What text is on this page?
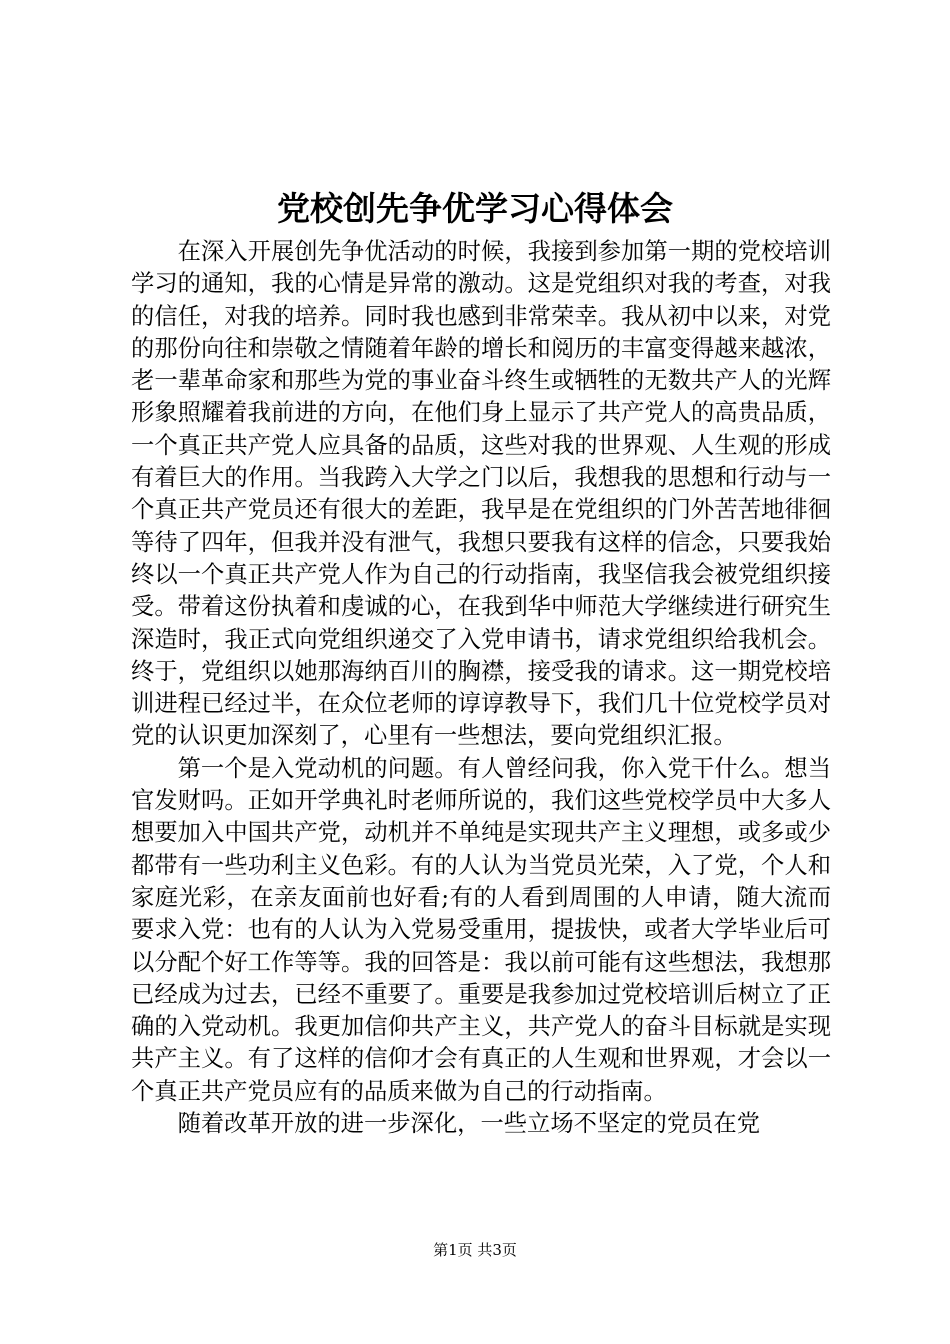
党校创先争优学习心得体会

在深入开展创先争优活动的时候，我接到参加第一期的党校培训学习的通知，我的心情是异常的激动。这是党组织对我的考查，对我的信任，对我的培养。同时我也感到非常荣幸。我从初中以来，对党的那份向往和崇敬之情随着年龄的增长和阅历的丰富变得越来越浓，老一辈革命家和那些为党的事业奋斗终生或牺牲的无数共产人的光辉形象照耀着我前进的方向，在他们身上显示了共产党人的高贵品质，一个真正共产党人应具备的品质，这些对我的世界观、人生观的形成有着巨大的作用。当我跨入大学之门以后，我想我的思想和行动与一个真正共产党员还有很大的差距，我早是在党组织的门外苦苦地徘徊等待了四年，但我并没有泄气，我想只要我有这样的信念，只要我始终以一个真正共产党人作为自己的行动指南，我坚信我会被党组织接受。带着这份执着和虔诚的心，在我到华中师范大学继续进行研究生深造时，我正式向党组织递交了入党申请书，请求党组织给我机会。终于，党组织以她那海纳百川的胸襟，接受我的请求。这一期党校培训进程已经过半，在众位老师的谆谆教导下，我们几十位党校学员对党的认识更加深刻了，心里有一些想法，要向党组织汇报。

第一个是入党动机的问题。有人曾经问我，你入党干什么。想当官发财吗。正如开学典礼时老师所说的，我们这些党校学员中大多人想要加入中国共产党，动机并不单纯是实现共产主义理想，或多或少都带有一些功利主义色彩。有的人认为当党员光荣，入了党，个人和家庭光彩，在亲友面前也好看;有的人看到周围的人申请，随大流而要求入党：也有的人认为入党易受重用，提拔快，或者大学毕业后可以分配个好工作等等。我的回答是：我以前可能有这些想法，我想那已经成为过去，已经不重要了。重要是我参加过党校培训后树立了正确的入党动机。我更加信仰共产主义，共产党人的奋斗目标就是实现共产主义。有了这样的信仰才会有真正的人生观和世界观，才会以一个真正共产党员应有的品质来做为自己的行动指南。

随着改革开放的进一步深化，一些立场不坚定的党员在党

第1页 共3页
